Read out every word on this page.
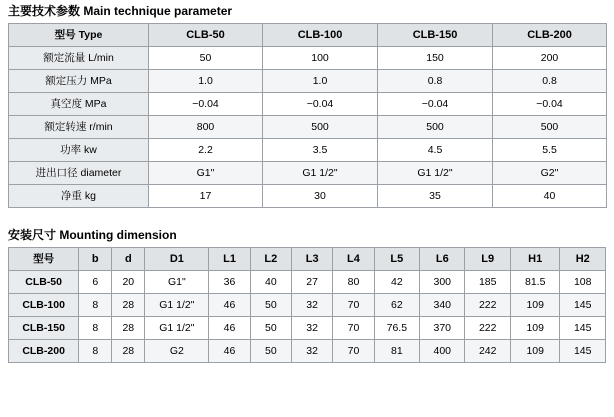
主要技术参数 Main technique parameter
型号 Type	CLB-50	CLB-100	CLB-150	CLB-200
额定流量 L/min	50	100	150	200
额定压力 MPa	1.0	1.0	0.8	0.8
真空度 MPa	−0.04	−0.04	−0.04	−0.04
额定转速 r/min	800	500	500	500
功率 kw	2.2	3.5	4.5	5.5
进出口径 diameter	G1"	G1 1/2"	G1 1/2"	G2"
净重 kg	17	30	35	40
安装尺寸 Mounting dimension
型号	b	d	D1	L1	L2	L3	L4	L5	L6	L9	H1	H2
CLB-50	6	20	G1"	36	40	27	80	42	300	185	81.5	108
CLB-100	8	28	G1 1/2"	46	50	32	70	62	340	222	109	145
CLB-150	8	28	G1 1/2"	46	50	32	70	76.5	370	222	109	145
CLB-200	8	28	G2	46	50	32	70	81	400	242	109	145
